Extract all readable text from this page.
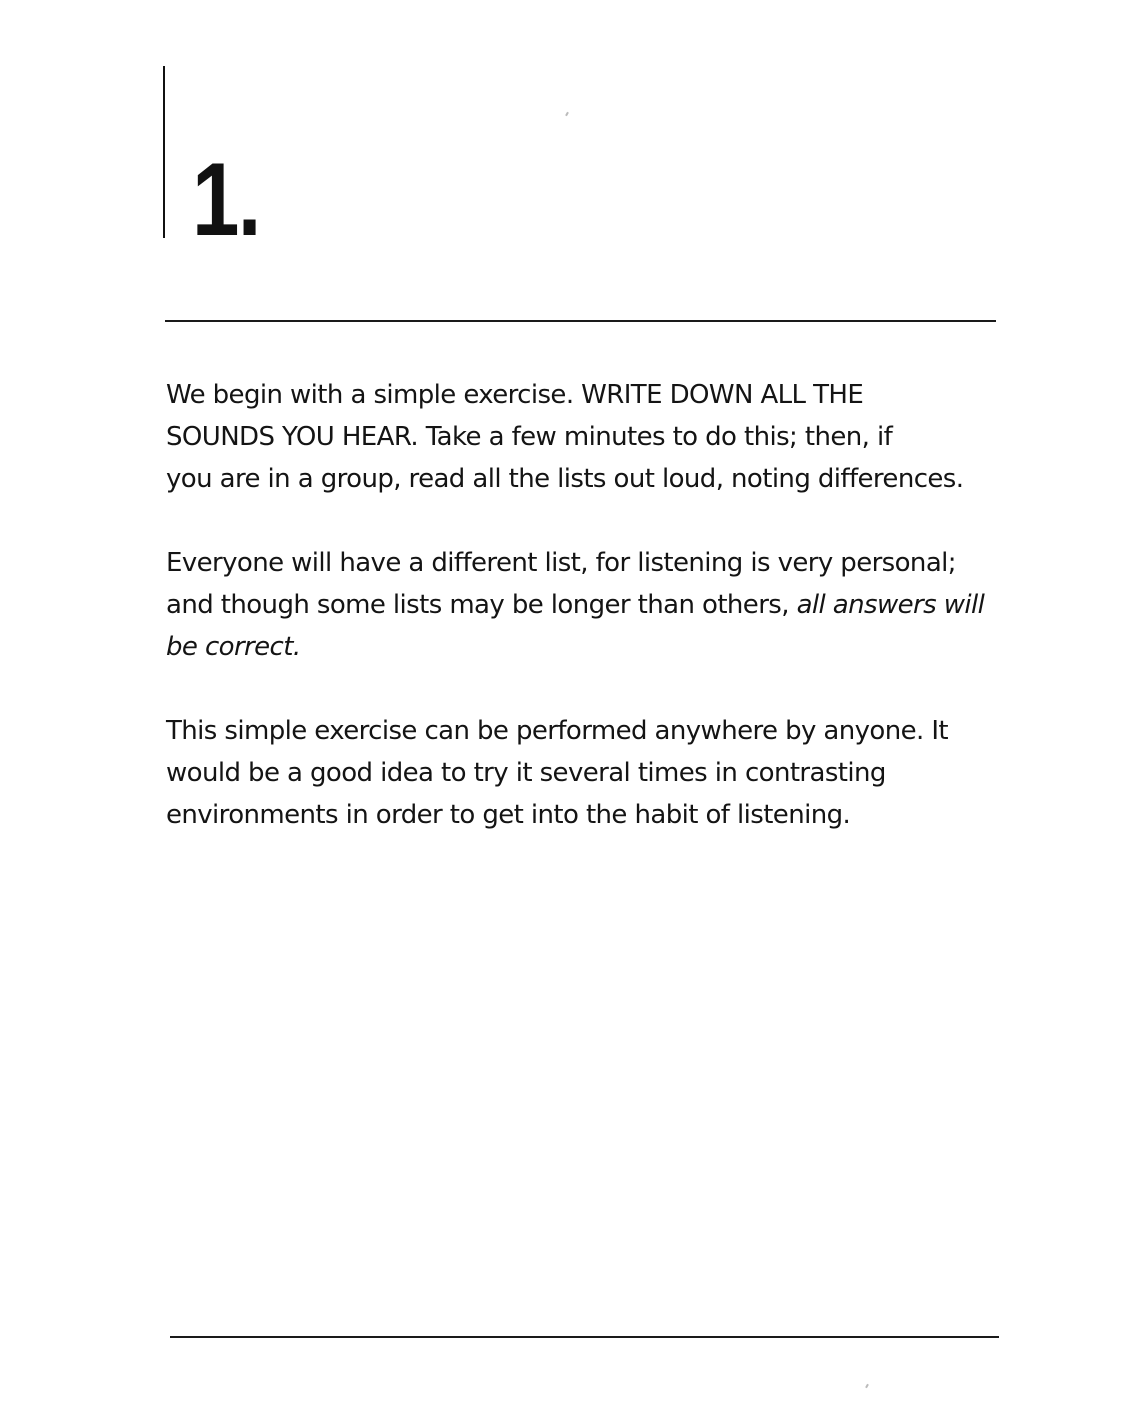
1.

We begin with a simple exercise. WRITE DOWN ALL THE
SOUNDS YOU HEAR. Take a few minutes to do this; then, if
you are in a group, read all the lists out loud, noting differences.

Everyone will have a different list, for listening is very personal;
and though some lists may be longer than others, all answers will
be correct.

This simple exercise can be performed anywhere by anyone. It
would be a good idea to try it several times in contrasting
environments in order to get into the habit of listening.
